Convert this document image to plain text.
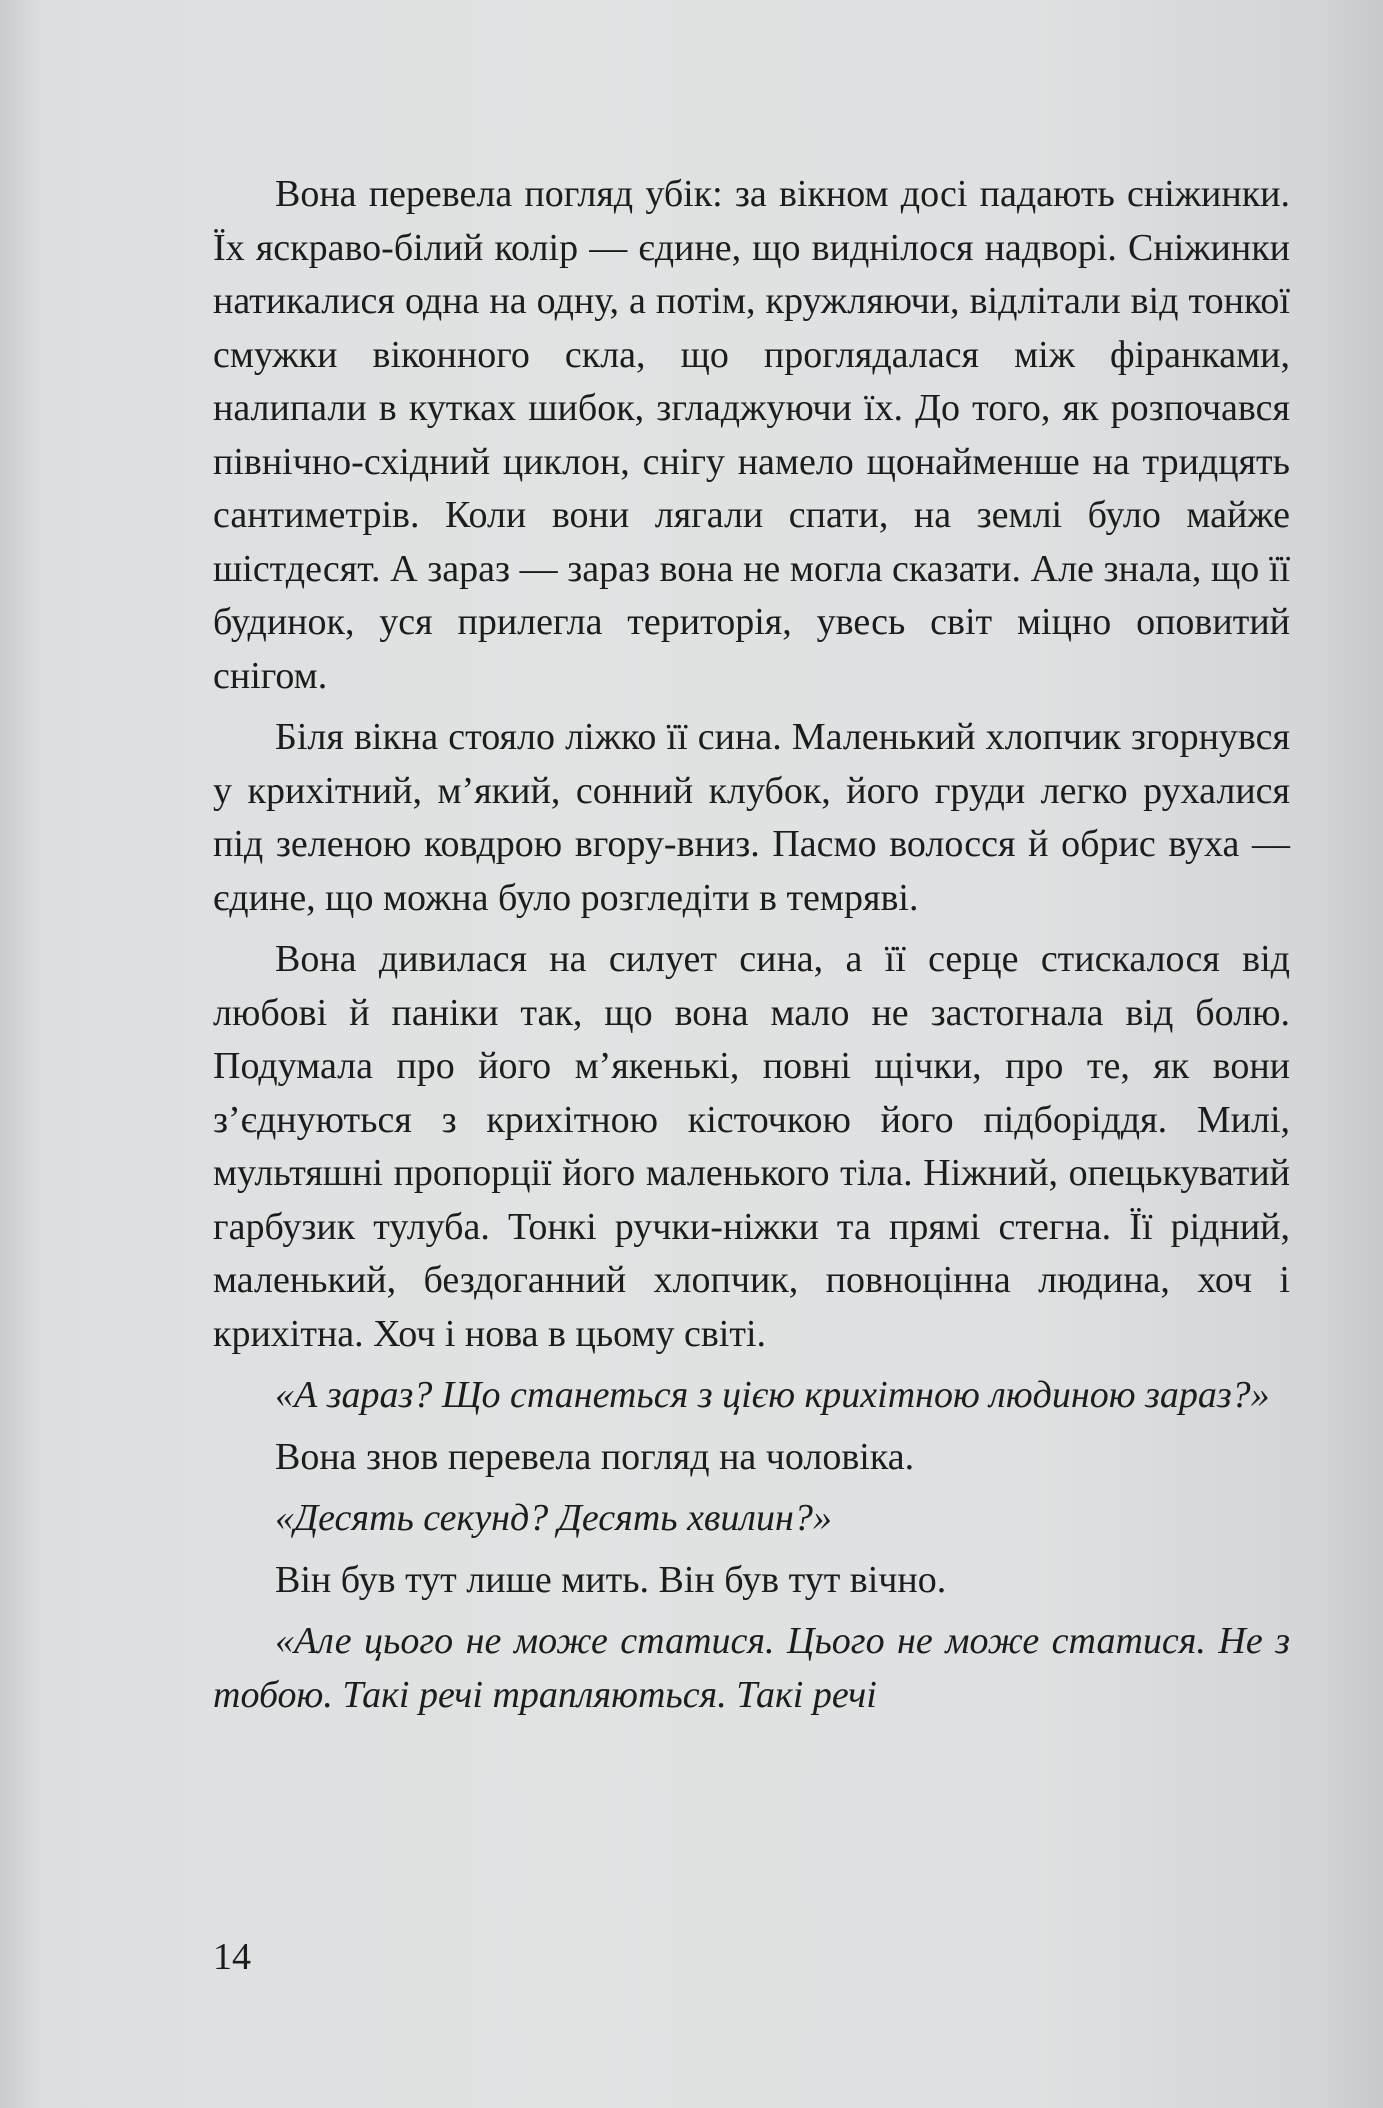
Вона перевела погляд убік: за вікном досі падають сніжинки. Їх яскраво-білий колір — єдине, що виднілося надворі. Сніжинки натикалися одна на одну, а потім, кружляючи, відлітали від тонкої смужки віконного скла, що проглядалася між фіранками, налипали в кутках шибок, згладжуючи їх. До того, як розпочався північно-східний циклон, снігу намело щонайменше на тридцять сантиметрів. Коли вони лягали спати, на землі було майже шістдесят. А зараз — зараз вона не могла сказати. Але знала, що її будинок, уся прилегла територія, увесь світ міцно оповитий снігом.

Біля вікна стояло ліжко її сина. Маленький хлопчик згорнувся у крихітний, м’який, сонний клубок, його груди легко рухалися під зеленою ковдрою вгору-вниз. Пасмо волосся й обрис вуха — єдине, що можна було розгледіти в темряві.

Вона дивилася на силует сина, а її серце стискалося від любові й паніки так, що вона мало не застогнала від болю. Подумала про його м’якенькі, повні щічки, про те, як вони з’єднуються з крихітною кісточкою його підборіддя. Милі, мультяшні пропорції його маленького тіла. Ніжний, опецькуватий гарбузик тулуба. Тонкі ручки-ніжки та прямі стегна. Її рідний, маленький, бездоганний хлопчик, повноцінна людина, хоч і крихітна. Хоч і нова в цьому світі.

«А зараз? Що станеться з цією крихітною людиною зараз?»

Вона знов перевела погляд на чоловіка.

«Десять секунд? Десять хвилин?»

Він був тут лише мить. Він був тут вічно.

«Але цього не може статися. Цього не може статися. Не з тобою. Такі речі трапляються. Такі речі

14
